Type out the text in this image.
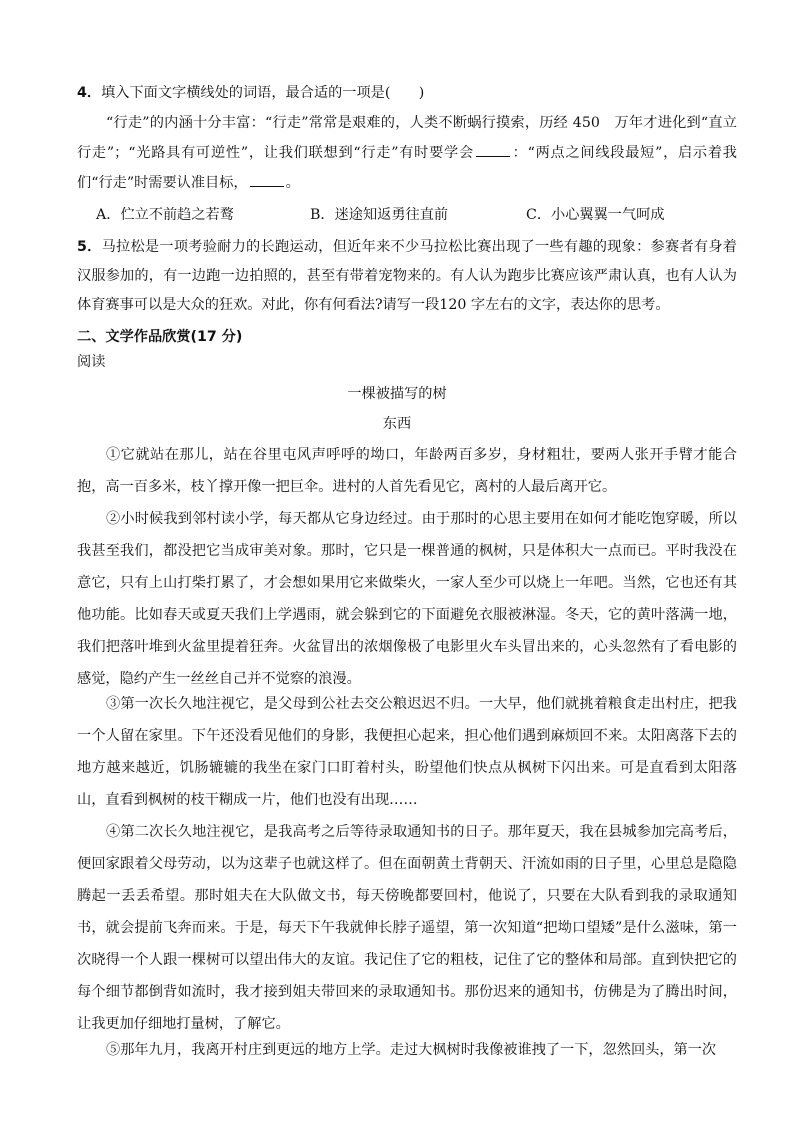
4．填入下面文字横线处的词语，最合适的一项是(　　)
“行走”的内涵十分丰富：“行走”常常是艰难的，人类不断蜗行摸索，历经 450　万年才进化到“直立行走”；“光路具有可逆性”，让我们联想到“行走”有时要学会	：“两点之间线段最短”，启示着我们“行走”时需要认准目标，	。
A．伫立不前趋之若鹜	B．迷途知返勇往直前	C．小心翼翼一气呵成
5．马拉松是一项考验耐力的长跑运动，但近年来不少马拉松比赛出现了一些有趣的现象：参赛者有身着汉服参加的，有一边跑一边拍照的，甚至有带着宠物来的。有人认为跑步比赛应该严肃认真，也有人认为体育赛事可以是大众的狂欢。对此，你有何看法?请写一段120 字左右的文字，表达你的思考。
二、文学作品欣赏(17 分)
阅读
一棵被描写的树
东西
①它就站在那儿，站在谷里屯风声呼呼的坳口，年龄两百多岁，身材粗壮，要两人张开手臂才能合抱，高一百多米，枝丫撑开像一把巨伞。进村的人首先看见它，离村的人最后离开它。
②小时候我到邻村读小学，每天都从它身边经过。由于那时的心思主要用在如何才能吃饱穿暖，所以我甚至我们，都没把它当成审美对象。那时，它只是一棵普通的枫树，只是体积大一点而已。平时我没在意它，只有上山打柴打累了，才会想如果用它来做柴火，一家人至少可以烧上一年吧。当然，它也还有其他功能。比如春天或夏天我们上学遇雨，就会躲到它的下面避免衣服被淋湿。冬天，它的黄叶落满一地，我们把落叶堆到火盆里提着狂奔。火盆冒出的浓烟像极了电影里火车头冒出来的，心头忽然有了看电影的感觉，隐约产生一丝丝自己并不觉察的浪漫。
③第一次长久地注视它，是父母到公社去交公粮迟迟不归。一大早，他们就挑着粮食走出村庄，把我一个人留在家里。下午还没看见他们的身影，我便担心起来，担心他们遇到麻烦回不来。太阳离落下去的地方越来越近，饥肠辘辘的我坐在家门口盯着村头，盼望他们快点从枫树下闪出来。可是直看到太阳落山，直看到枫树的枝干糊成一片，他们也没有出现……
④第二次长久地注视它，是我高考之后等待录取通知书的日子。那年夏天，我在县城参加完高考后，便回家跟着父母劳动，以为这辈子也就这样了。但在面朝黄土背朝天、汗流如雨的日子里，心里总是隐隐腾起一丢丢希望。那时姐夫在大队做文书，每天傍晚都要回村，他说了，只要在大队看到我的录取通知书，就会提前飞奔而来。于是，每天下午我就伸长脖子遥望，第一次知道“把坳口望矮”是什么滋味，第一次晓得一个人跟一棵树可以望出伟大的友谊。我记住了它的粗枝，记住了它的整体和局部。直到快把它的每个细节都倒背如流时，我才接到姐夫带回来的录取通知书。那份迟来的通知书，仿佛是为了腾出时间，让我更加仔细地打量树，了解它。
⑤那年九月，我离开村庄到更远的地方上学。走过大枫树时我像被谁拽了一下，忽然回头，第一次
